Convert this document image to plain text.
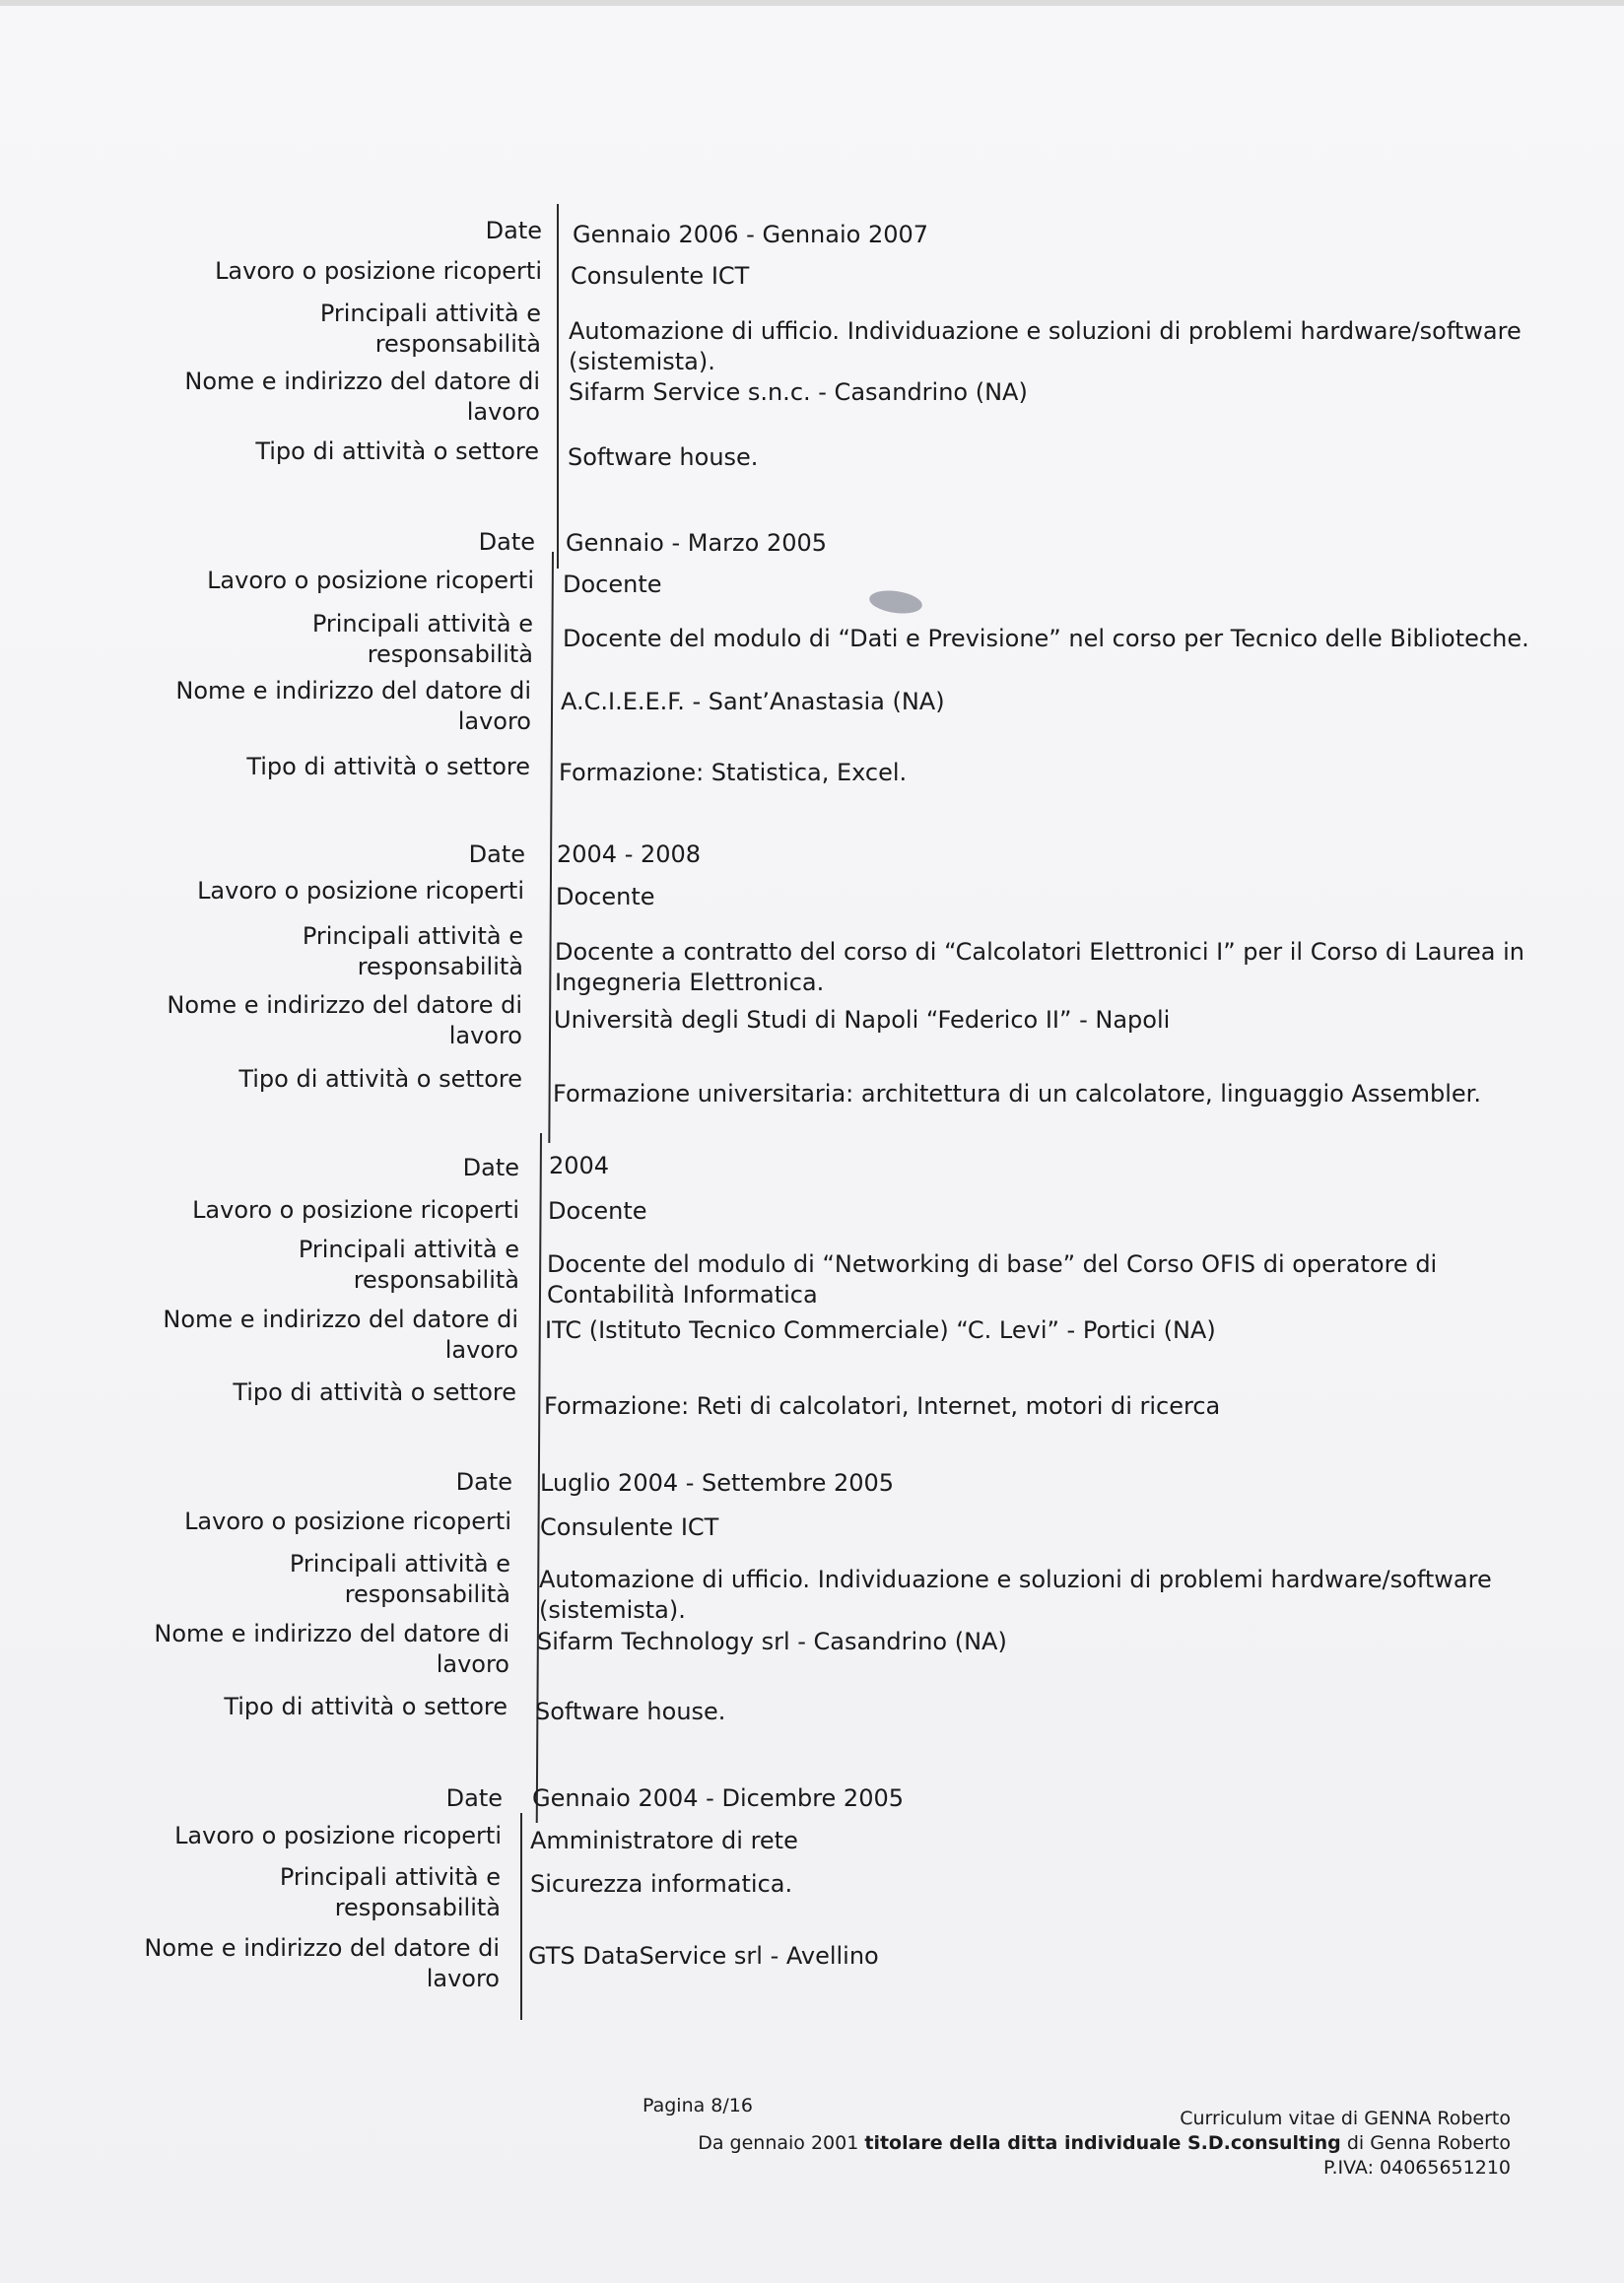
Date Gennaio 2006 - Gennaio 2007
Lavoro o posizione ricoperti Consulente ICT
Principali attività e
responsabilità Automazione di ufficio. Individuazione e soluzioni di problemi hardware/software (sistemista).
Nome e indirizzo del datore di
lavoro
Sifarm Service s.n.c. - Casandrino (NA)
Tipo di attività o settore Software house.
Date Gennaio - Marzo 2005
Lavoro o posizione ricoperti Docente
Principali attività e
responsabilità
Docente del modulo di “Dati e Previsione” nel corso per Tecnico delle Biblioteche.
Nome e indirizzo del datore di
lavoro
A.C.I.E.E.F. - Sant’Anastasia (NA)
Tipo di attività o settore Formazione: Statistica, Excel.
Date 2004 - 2008
Lavoro o posizione ricoperti Docente
Principali attività e
responsabilità
Docente a contratto del corso di “Calcolatori Elettronici I” per il Corso di Laurea in Ingegneria Elettronica.
Nome e indirizzo del datore di
lavoro
Università degli Studi di Napoli “Federico II” - Napoli
Tipo di attività o settore
Formazione universitaria: architettura di un calcolatore, linguaggio Assembler.
Date 2004
Lavoro o posizione ricoperti Docente
Principali attività e
responsabilità
Docente del modulo di “Networking di base” del Corso OFIS di operatore di Contabilità Informatica
Nome e indirizzo del datore di
lavoro
ITC (Istituto Tecnico Commerciale) “C. Levi” - Portici (NA)
Tipo di attività o settore Formazione: Reti di calcolatori, Internet, motori di ricerca
Date Luglio 2004 - Settembre 2005
Lavoro o posizione ricoperti Consulente ICT
Principali attività e
responsabilità
Automazione di ufficio. Individuazione e soluzioni di problemi hardware/software (sistemista).
Nome e indirizzo del datore di
lavoro
Sifarm Technology srl - Casandrino (NA)
Tipo di attività o settore Software house.
Date Gennaio 2004 - Dicembre 2005
Lavoro o posizione ricoperti Amministratore di rete
Principali attività e
responsabilità
Sicurezza informatica.
Nome e indirizzo del datore di
lavoro
GTS DataService srl - Avellino
Pagina 8/16
Curriculum vitae di GENNA Roberto
Da gennaio 2001 titolare della ditta individuale S.D.consulting di Genna Roberto
P.IVA: 04065651210
